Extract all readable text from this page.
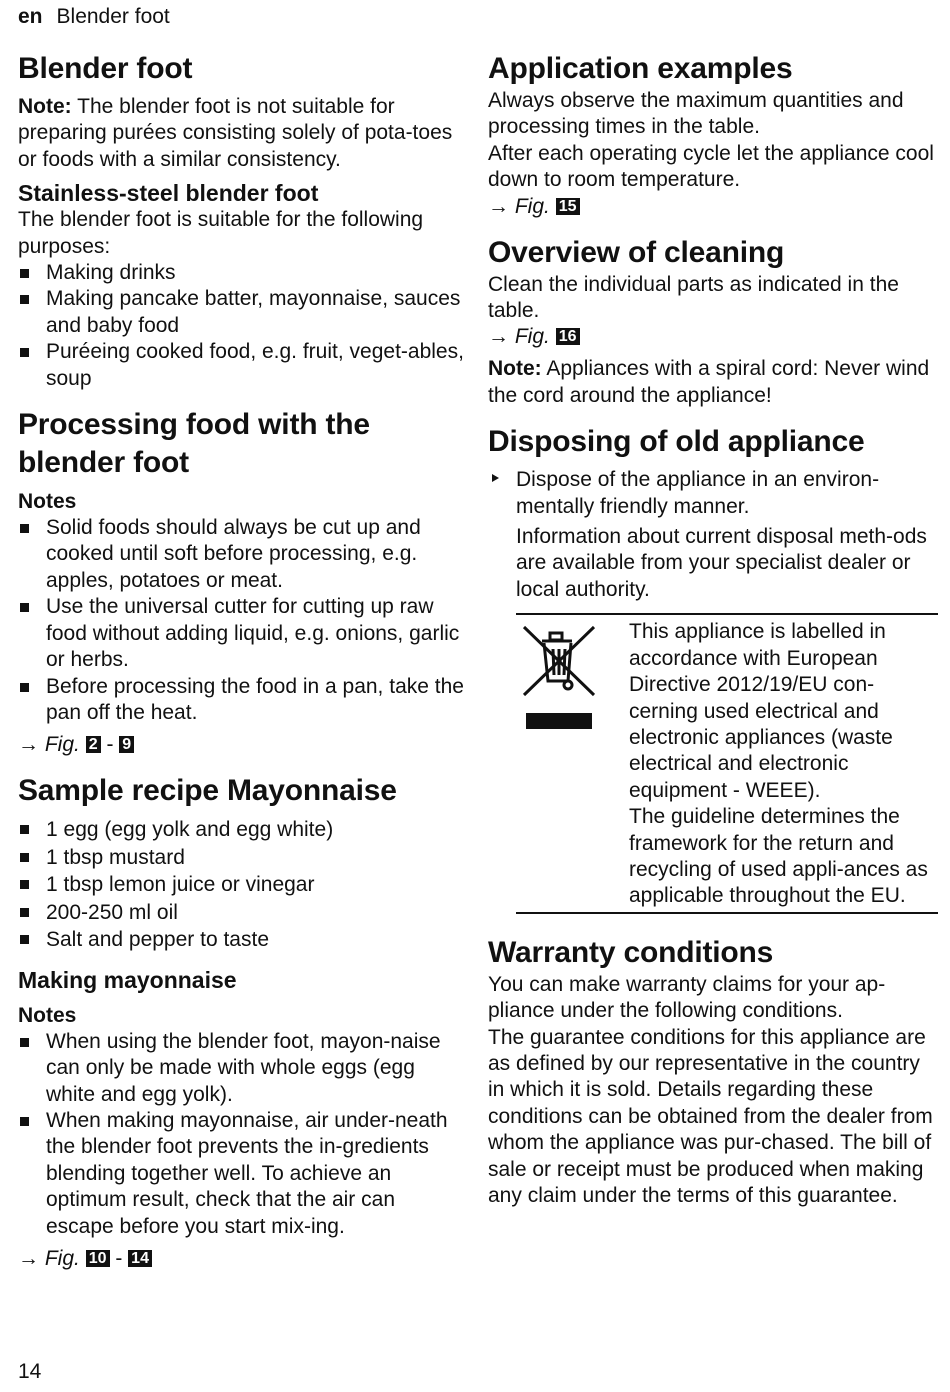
en Blender foot
Blender foot

Note: The blender foot is not suitable for preparing purées consisting solely of pota-toes or foods with a similar consistency.

Stainless-steel blender foot

The blender foot is suitable for the following purposes:

Making drinks
Making pancake batter, mayonnaise, sauces and baby food
Puréeing cooked food, e.g. fruit, veget-ables, soup
Processing food with the blender foot
Notes
Solid foods should always be cut up and cooked until soft before processing, e.g. apples, potatoes or meat.
Use the universal cutter for cutting up raw food without adding liquid, e.g. onions, garlic or herbs.
Before processing the food in a pan, take the pan off the heat.
→ Fig. 2 - 9
Sample recipe Mayonnaise
1 egg (egg yolk and egg white)
1 tbsp mustard
1 tbsp lemon juice or vinegar
200-250 ml oil
Salt and pepper to taste
Making mayonnaise
Notes
When using the blender foot, mayon-naise can only be made with whole eggs (egg white and egg yolk).
When making mayonnaise, air under-neath the blender foot prevents the in-gredients blending together well. To achieve an optimum result, check that the air can escape before you start mix-ing.
→ Fig. 10 - 14
Application examples

Always observe the maximum quantities and processing times in the table.

After each operating cycle let the appliance cool down to room temperature.

→ Fig. 15
Overview of cleaning

Clean the individual parts as indicated in the table.

→ Fig. 16

Note: Appliances with a spiral cord: Never wind the cord around the appliance!

Disposing of old appliance
Dispose of the appliance in an environ-mentally friendly manner.

Information about current disposal meth-ods are available from your specialist dealer or local authority.

This appliance is labelled in accordance with European Directive 2012/19/EU con-cerning used electrical and electronic appliances (waste electrical and electronic equipment - WEEE).

The guideline determines the framework for the return and recycling of used appli-ances as applicable throughout the EU.

Warranty conditions

You can make warranty claims for your ap-pliance under the following conditions.

The guarantee conditions for this appliance are as defined by our representative in the country in which it is sold. Details regarding these conditions can be obtained from the dealer from whom the appliance was pur-chased. The bill of sale or receipt must be produced when making any claim under the terms of this guarantee.

14
